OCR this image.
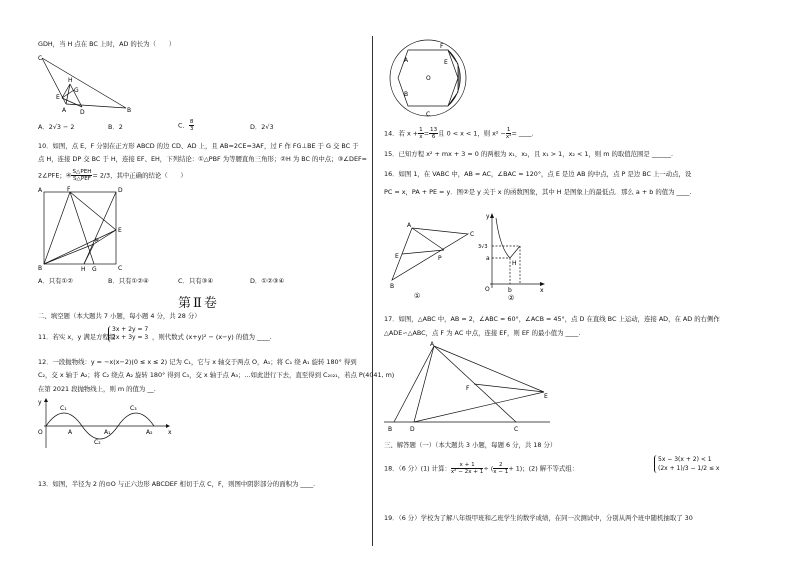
GDH，当 H 点在 BC 上时，AD 的长为（　　）
C
H
G
E
A D	B
A．2√3 − 2	B．2	C． $\frac{8}{3}$	D．2√3
10．如图，点 E、F 分别在正方形 ABCD 的边 CD、AD 上，且 AB=2CE=3AF，过 F 作 FG⊥BE 于 G 交 BC 于
点 H，连接 DP 交 BC 于 H，连接 EF、EH，下列结论：①△PBF 为等腰直角三角形；②H 为 BC 的中点；③∠DEF=
2∠PFE；④ $\frac{\text{S△PEH}}{\text{S△PEF}} = 2/3$，其中正确的结论（　　）
A	D
F
E
P
B	H G	C
A．只有①②	B．只有①②④	C．只有③④	D．①②③④
第Ⅱ卷
二、填空题（本大题共 7 小题，每小题 4 分，共 28 分）
11．若实 x，y 满足方程组
3x + 2y = 7
2x + 3y = 3 ，则代数式 (x+y)² − (x−y) 的值为 ____.
12．一段抛物线：y = −x(x−2)(0 ≤ x ≤ 2) 记为 C₁，它与 x 轴交于两点 O，A₁；将 C₁ 绕 A₁ 旋转 180° 得到
C₂，交 x 轴于 A₂；将 C₂ 绕点 A₂ 旋转 180° 得到 C₃，交 x 轴于点 A₃；…如此进行下去，直至得到 C₂₀₂₁，若点 P(4041, m)
在第 2021 段抛物线上，则 m 的值为 __.
y
C₁	C₃
O	A	A₁	A₂
C₂
x
13．如图，半径为 2 的⊙O 与正六边形 ABCDEF 相切于点 C，F，则图中阴影部分的面积为 ____.
F
A	E
O
B
C
14．若 $x + \frac{1}{x} = \frac{13}{6}$ 且 0 < x < 1，则 $x^2 - \frac{1}{\text{x²}}$ = ____.
15．已知方程 x² + mx + 3 = 0 的两根为 x₁，x₂，且 x₁ > 1，x₂ < 1，则 m 的取值范围是 ______.
16．如图 1，在 VABC 中，AB = AC，∠BAC = 120°，点 E 是边 AB 的中点，点 P 是边 BC 上一动点，设
PC = x，PA + PE = y．图②是 y 关于 x 的函数图象，其中 H 是图象上的最低点．那么 a + b 的值为 ____.
A
C
E	P
B
①
y
3√3
a
H
O	b	x
②
17．如图，△ABC 中，AB = 2，∠ABC = 60°，∠ACB = 45°，点 D 在直线 BC 上运动，连接 AD，在 AD 的右侧作
△ADE∽△ABC，点 F 为 AC 中点，连接 EF，则 EF 的最小值为 ____.
A
F
E
B	D	C
三、解答题（一）（本大题共 3 小题，每题 6 分，共 18 分）
18．（6 分）(1) 计算： $\frac{x + 1}{\text{x² − 2x + 1}}$ ÷ ( $\frac{2}{x - 1} + 1$)；(2) 解不等式组：
5x − 3(x + 2) < 1
(2x + 1)/3 − 1/2 ≤ x
19．（6 分）学校为了解八年级甲班和乙班学生的数学成绩，在同一次测试中，分别从两个班中随机抽取了 30
